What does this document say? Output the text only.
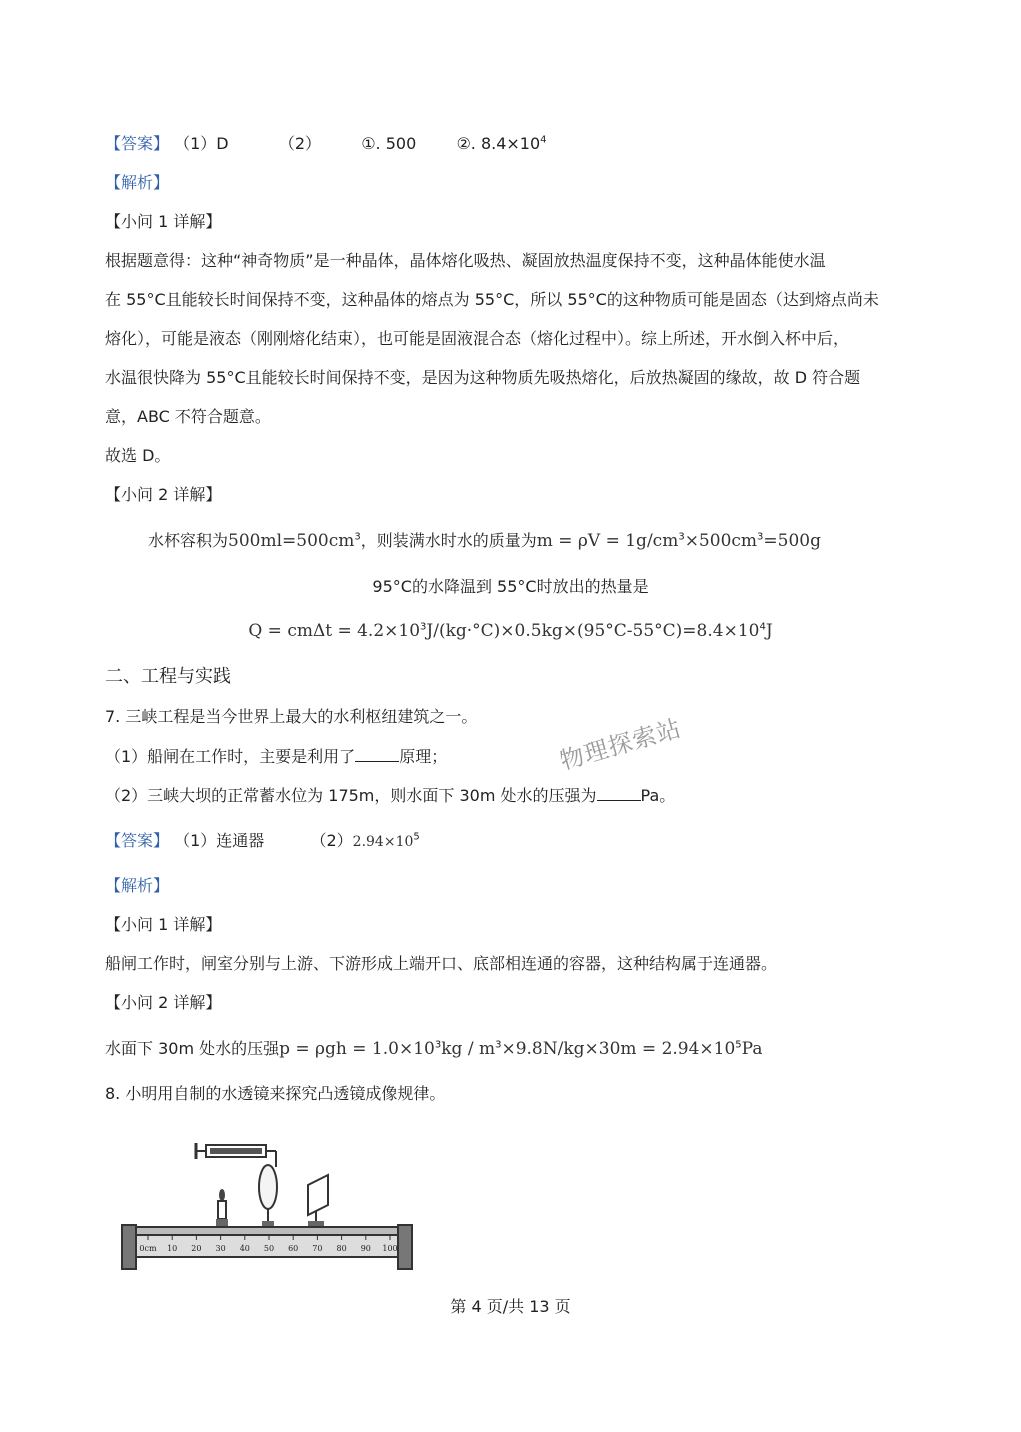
【答案】 （1）D	（2）	①. 500	②. $8.4\times 10^4$
【解析】
【小问 1 详解】
根据题意得：这种“神奇物质”是一种晶体，晶体熔化吸热、凝固放热温度保持不变，这种晶体能使水温
在 55°C且能较长时间保持不变，这种晶体的熔点为 55°C，所以 55°C的这种物质可能是固态（达到熔点尚未
熔化），可能是液态（刚刚熔化结束），也可能是固液混合态（熔化过程中）。综上所述，开水倒入杯中后，
水温很快降为 55°C且能较长时间保持不变，是因为这种物质先吸热熔化，后放热凝固的缘故，故 D 符合题
意，ABC 不符合题意。
故选 D。
【小问 2 详解】
水杯容积为$500ml=500cm^3$，则装满水时水的质量为$m = \rho V = 1g/cm^3\times 500cm^3=500g$
95°C的水降温到 55°C时放出的热量是
$Q = cm\Delta t = 4.2\times 10^3J/(kg\cdot^\circ C)\times 0.5kg\times(95^\circ C-55^\circ C)=8.4\times 10^4J$
二、工程与实践
7. 三峡工程是当今世界上最大的水利枢纽建筑之一。
（1）船闸在工作时，主要是利用了	原理；
（2）三峡大坝的正常蓄水位为 175m，则水面下 30m 处水的压强为	Pa。
物理探索站
【答案】 （1）连通器	$(2)2.94\times 10^5$
【解析】
【小问 1 详解】
船闸工作时，闸室分别与上游、下游形成上端开口、底部相连通的容器，这种结构属于连通器。
【小问 2 详解】
水面下 30m 处水的压强$p = \rho gh = 1.0\times 10^3kg / m^3\times 9.8N/kg\times 30m = 2.94\times 10^5Pa$
8. 小明用自制的水透镜来探究凸透镜成像规律。
0cm 10 20 30 40 50 60 70 80 90 100
第 4 页/共 13 页
